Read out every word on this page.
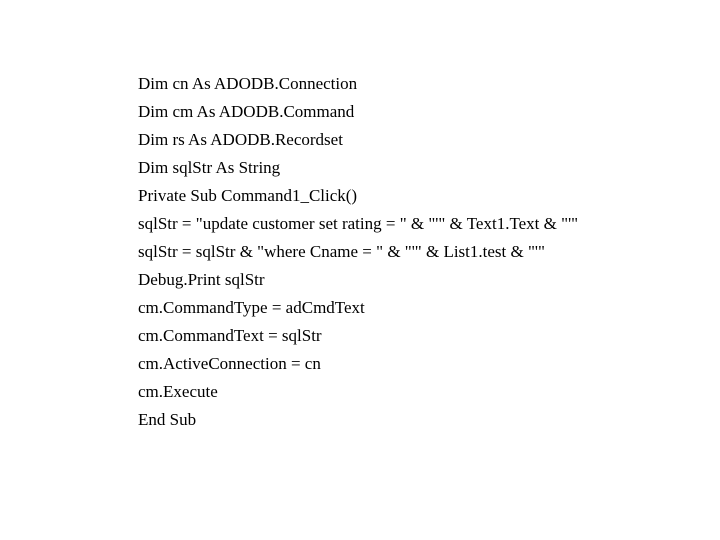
Dim cn As ADODB.Connection
Dim cm As ADODB.Command
Dim rs As ADODB.Recordset
Dim sqlStr As String
Private Sub Command1_Click()
sqlStr = "update customer set rating = " & "'" & Text1.Text & "'"
sqlStr = sqlStr & "where Cname = " & "'" & List1.test & "'"
Debug.Print sqlStr
cm.CommandType = adCmdText
cm.CommandText = sqlStr
cm.ActiveConnection = cn
cm.Execute
End Sub
